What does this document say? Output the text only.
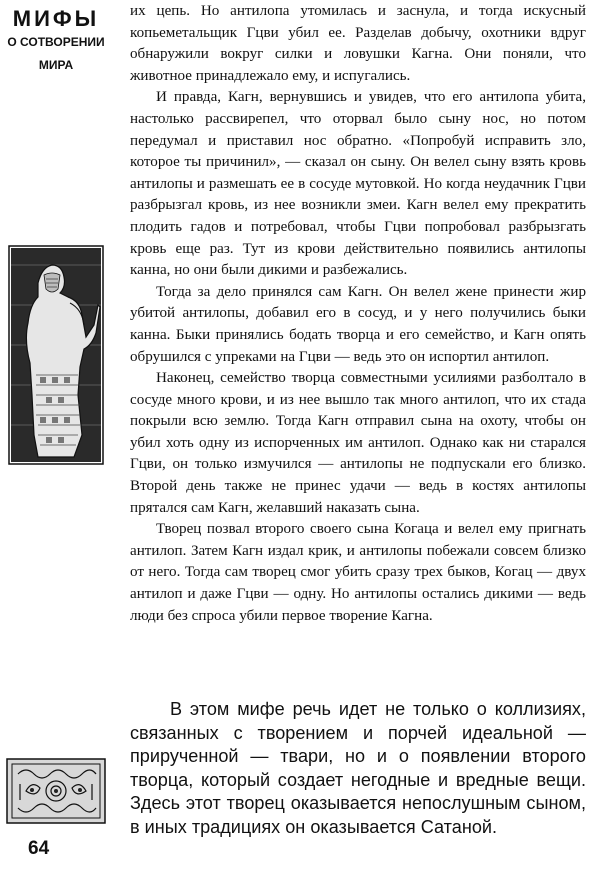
МИФЫ
О СОТВОРЕНИИ
МИРА
64

их цепь. Но антилопа утомилась и заснула, и тогда искусный копьеметальщик Гцви убил ее. Разделав добычу, охотники вдруг обнаружили вокруг силки и ловушки Кагна. Они поняли, что животное принадлежало ему, и испугались.

И правда, Кагн, вернувшись и увидев, что его антилопа убита, настолько рассвирепел, что оторвал было сыну нос, но потом передумал и приставил нос обратно. «Попробуй исправить зло, которое ты причинил», — сказал он сыну. Он велел сыну взять кровь антилопы и размешать ее в сосуде мутовкой. Но когда неудачник Гцви разбрызгал кровь, из нее возникли змеи. Кагн велел ему прекратить плодить гадов и потребовал, чтобы Гцви попробовал разбрызгать кровь еще раз. Тут из крови действительно появились антилопы канна, но они были дикими и разбежались.

Тогда за дело принялся сам Кагн. Он велел жене принести жир убитой антилопы, добавил его в сосуд, и у него получились быки канна. Быки принялись бодать творца и его семейство, и Кагн опять обрушился с упреками на Гцви — ведь это он испортил антилоп.

Наконец, семейство творца совместными усилиями разболтало в сосуде много крови, и из нее вышло так много антилоп, что их стада покрыли всю землю. Тогда Кагн отправил сына на охоту, чтобы он убил хоть одну из испорченных им антилоп. Однако как ни старался Гцви, он только измучился — антилопы не подпускали его близко. Второй день также не принес удачи — ведь в костях антилопы прятался сам Кагн, желавший наказать сына.

Творец позвал второго своего сына Когаца и велел ему пригнать антилоп. Затем Кагн издал крик, и антилопы побежали совсем близко от него. Тогда сам творец смог убить сразу трех быков, Когац — двух антилоп и даже Гцви — одну. Но антилопы остались дикими — ведь люди без спроса убили первое творение Кагна.

В этом мифе речь идет не только о коллизиях, связанных с творением и порчей идеальной — прирученной — твари, но и о появлении второго творца, который создает негодные и вредные вещи. Здесь этот творец оказывается непослушным сыном, в иных традициях он оказывается Сатаной.
